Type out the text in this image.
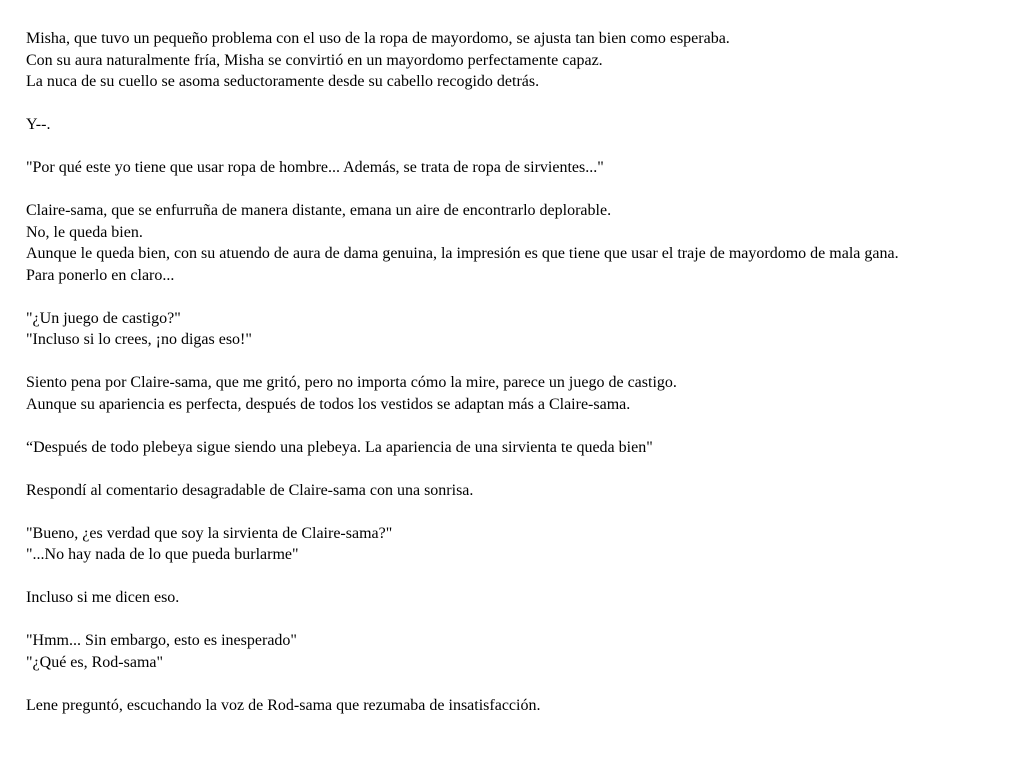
Misha, que tuvo un pequeño problema con el uso de la ropa de mayordomo, se ajusta tan bien como esperaba.
Con su aura naturalmente fría, Misha se convirtió en un mayordomo perfectamente capaz.
La nuca de su cuello se asoma seductoramente desde su cabello recogido detrás.
Y--.
"Por qué este yo tiene que usar ropa de hombre... Además, se trata de ropa de sirvientes..."
Claire-sama, que se enfurruña de manera distante, emana un aire de encontrarlo deplorable.
No, le queda bien.
Aunque le queda bien, con su atuendo de aura de dama genuina, la impresión es que tiene que usar el traje de mayordomo de mala gana.
Para ponerlo en claro...
"¿Un juego de castigo?"
"Incluso si lo crees, ¡no digas eso!"
Siento pena por Claire-sama, que me gritó, pero no importa cómo la mire, parece un juego de castigo.
Aunque su apariencia es perfecta, después de todos los vestidos se adaptan más a Claire-sama.
“Después de todo plebeya sigue siendo una plebeya. La apariencia de una sirvienta te queda bien"
Respondí al comentario desagradable de Claire-sama con una sonrisa.
"Bueno, ¿es verdad que soy la sirvienta de Claire-sama?"
"...No hay nada de lo que pueda burlarme"
Incluso si me dicen eso.
"Hmm... Sin embargo, esto es inesperado"
"¿Qué es, Rod-sama"
Lene preguntó, escuchando la voz de Rod-sama que rezumaba de insatisfacción.
